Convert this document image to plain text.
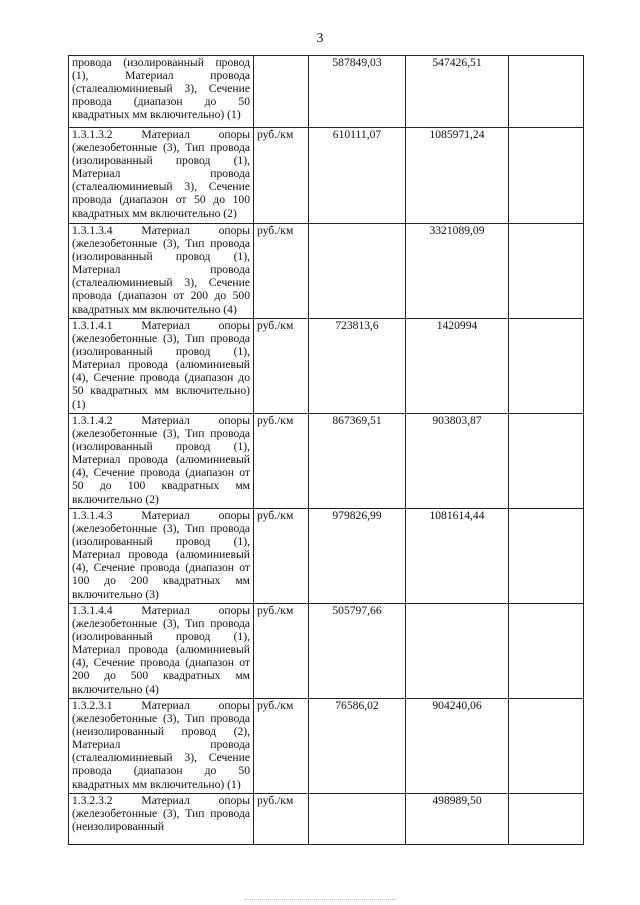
3
провода (изолированный провод (1), Материал провода (сталеалюминиевый 3), Сечение провода (диапазон до 50 квадратных мм включительно) (1)		587849,03	547426,51	
1.3.1.3.2 Материал опоры (железобетонные (3), Тип провода (изолированный провод (1), Материал провода (сталеалюминиевый 3), Сечение провода (диапазон от 50 до 100 квадратных мм включительно (2)	руб./км	610111,07	1085971,24	
1.3.1.3.4 Материал опоры (железобетонные (3), Тип провода (изолированный провод (1), Материал провода (сталеалюминиевый 3), Сечение провода (диапазон от 200 до 500 квадратных мм включительно (4)	руб./км		3321089,09	
1.3.1.4.1 Материал опоры (железобетонные (3), Тип провода (изолированный провод (1), Материал провода (алюминиевый (4), Сечение провода (диапазон до 50 квадратных мм включительно) (1)	руб./км	723813,6	1420994	
1.3.1.4.2 Материал опоры (железобетонные (3), Тип провода (изолированный провод (1), Материал провода (алюминиевый (4), Сечение провода (диапазон от 50 до 100 квадратных мм включительно (2)	руб./км	867369,51	903803,87	
1.3.1.4.3 Материал опоры (железобетонные (3), Тип провода (изолированный провод (1), Материал провода (алюминиевый (4), Сечение провода (диапазон от 100 до 200 квадратных мм включительно (3)	руб./км	979826,99	1081614,44	
1.3.1.4.4 Материал опоры (железобетонные (3), Тип провода (изолированный провод (1), Материал провода (алюминиевый (4), Сечение провода (диапазон от 200 до 500 квадратных мм включительно (4)	руб./км	505797,66		
1.3.2.3.1 Материал опоры (железобетонные (3), Тип провода (неизолированный провод (2), Материал провода (сталеалюминиевый 3), Сечение провода (диапазон до 50 квадратных мм включительно) (1)	руб./км	76586,02	904240,06	
1.3.2.3.2 Материал опоры (железобетонные (3), Тип провода (неизолированный	руб./км		498989,50	
